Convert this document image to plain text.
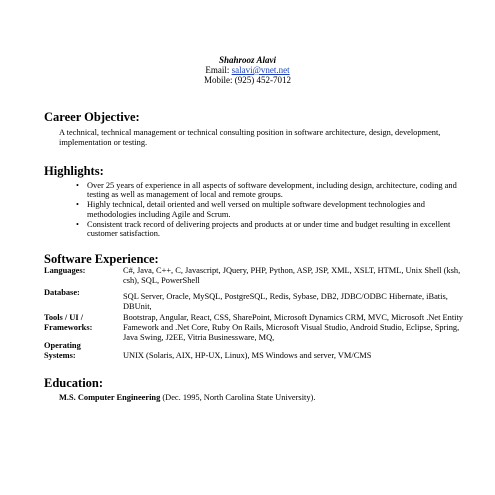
Shahrooz Alavi
Email: salavi@vnet.net
Mobile: (925) 452-7012
Career Objective:
A technical, technical management or technical consulting position in software architecture, design, development, implementation or testing.
Highlights:
• Over 25 years of experience in all aspects of software development, including design, architecture, coding and testing as well as management of local and remote groups.
• Highly technical, detail oriented and well versed on multiple software development technologies and methodologies including Agile and Scrum.
• Consistent track record of delivering projects and products at or under time and budget resulting in excellent customer satisfaction.
Software Experience:
Languages:	C#, Java, C++, C, Javascript, JQuery, PHP, Python, ASP, JSP, XML, XSLT, HTML, Unix Shell (ksh, csh), SQL, PowerShell
Database:	SQL Server, Oracle, MySQL, PostgreSQL, Redis, Sybase, DB2, JDBC/ODBC Hibernate, iBatis, DBUnit,
Tools / UI / Frameworks:
Bootstrap, Angular, React, CSS, SharePoint, Microsoft Dynamics CRM, MVC, Microsoft .Net Entity Famework and .Net Core, Ruby On Rails, Microsoft Visual Studio, Android Studio, Eclipse, Spring, Java Swing, J2EE, Vitria Businessware, MQ,
Operating Systems:	UNIX (Solaris, AIX, HP-UX, Linux), MS Windows and server, VM/CMS
Education:
M.S. Computer Engineering (Dec. 1995, North Carolina State University).
